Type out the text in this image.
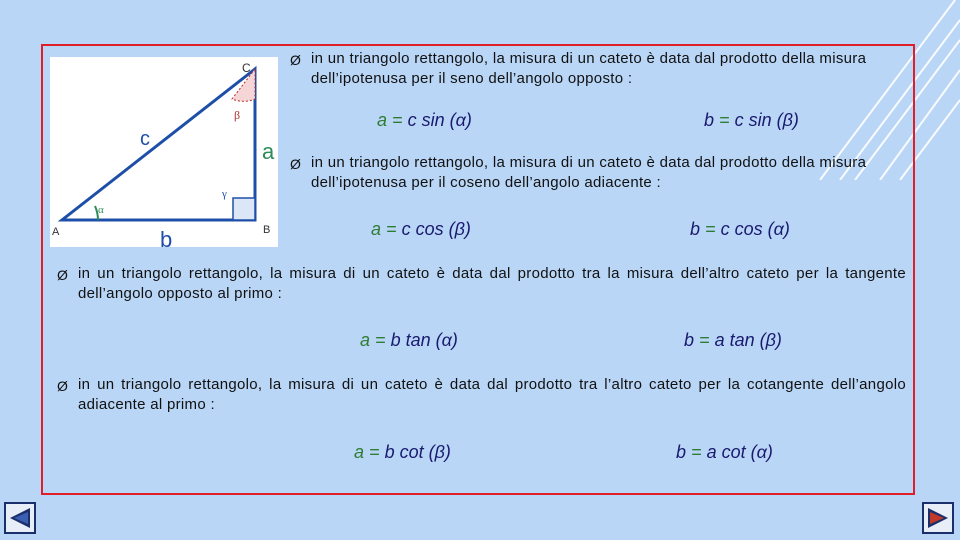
C
A	B
c	a
b
α
β
γ
Ø in un triangolo rettangolo, la misura di un cateto è data dal prodotto della misura dell’ipotenusa per il seno dell’angolo opposto :
a = c sin (α)	b = c sin (β)
Ø in un triangolo rettangolo, la misura di un cateto è data dal prodotto della misura dell’ipotenusa per il coseno dell’angolo adiacente :
a = c cos (β)	b = c cos (α)
Ø in un triangolo rettangolo, la misura di un cateto è data dal prodotto tra la misura dell’altro cateto per la tangente dell’angolo opposto al primo :
a = b tan (α)	b = a tan (β)
Ø in un triangolo rettangolo, la misura di un cateto è data dal prodotto tra l’altro cateto per la cotangente dell’angolo adiacente al primo :
a = b cot (β)	b = a cot (α)
